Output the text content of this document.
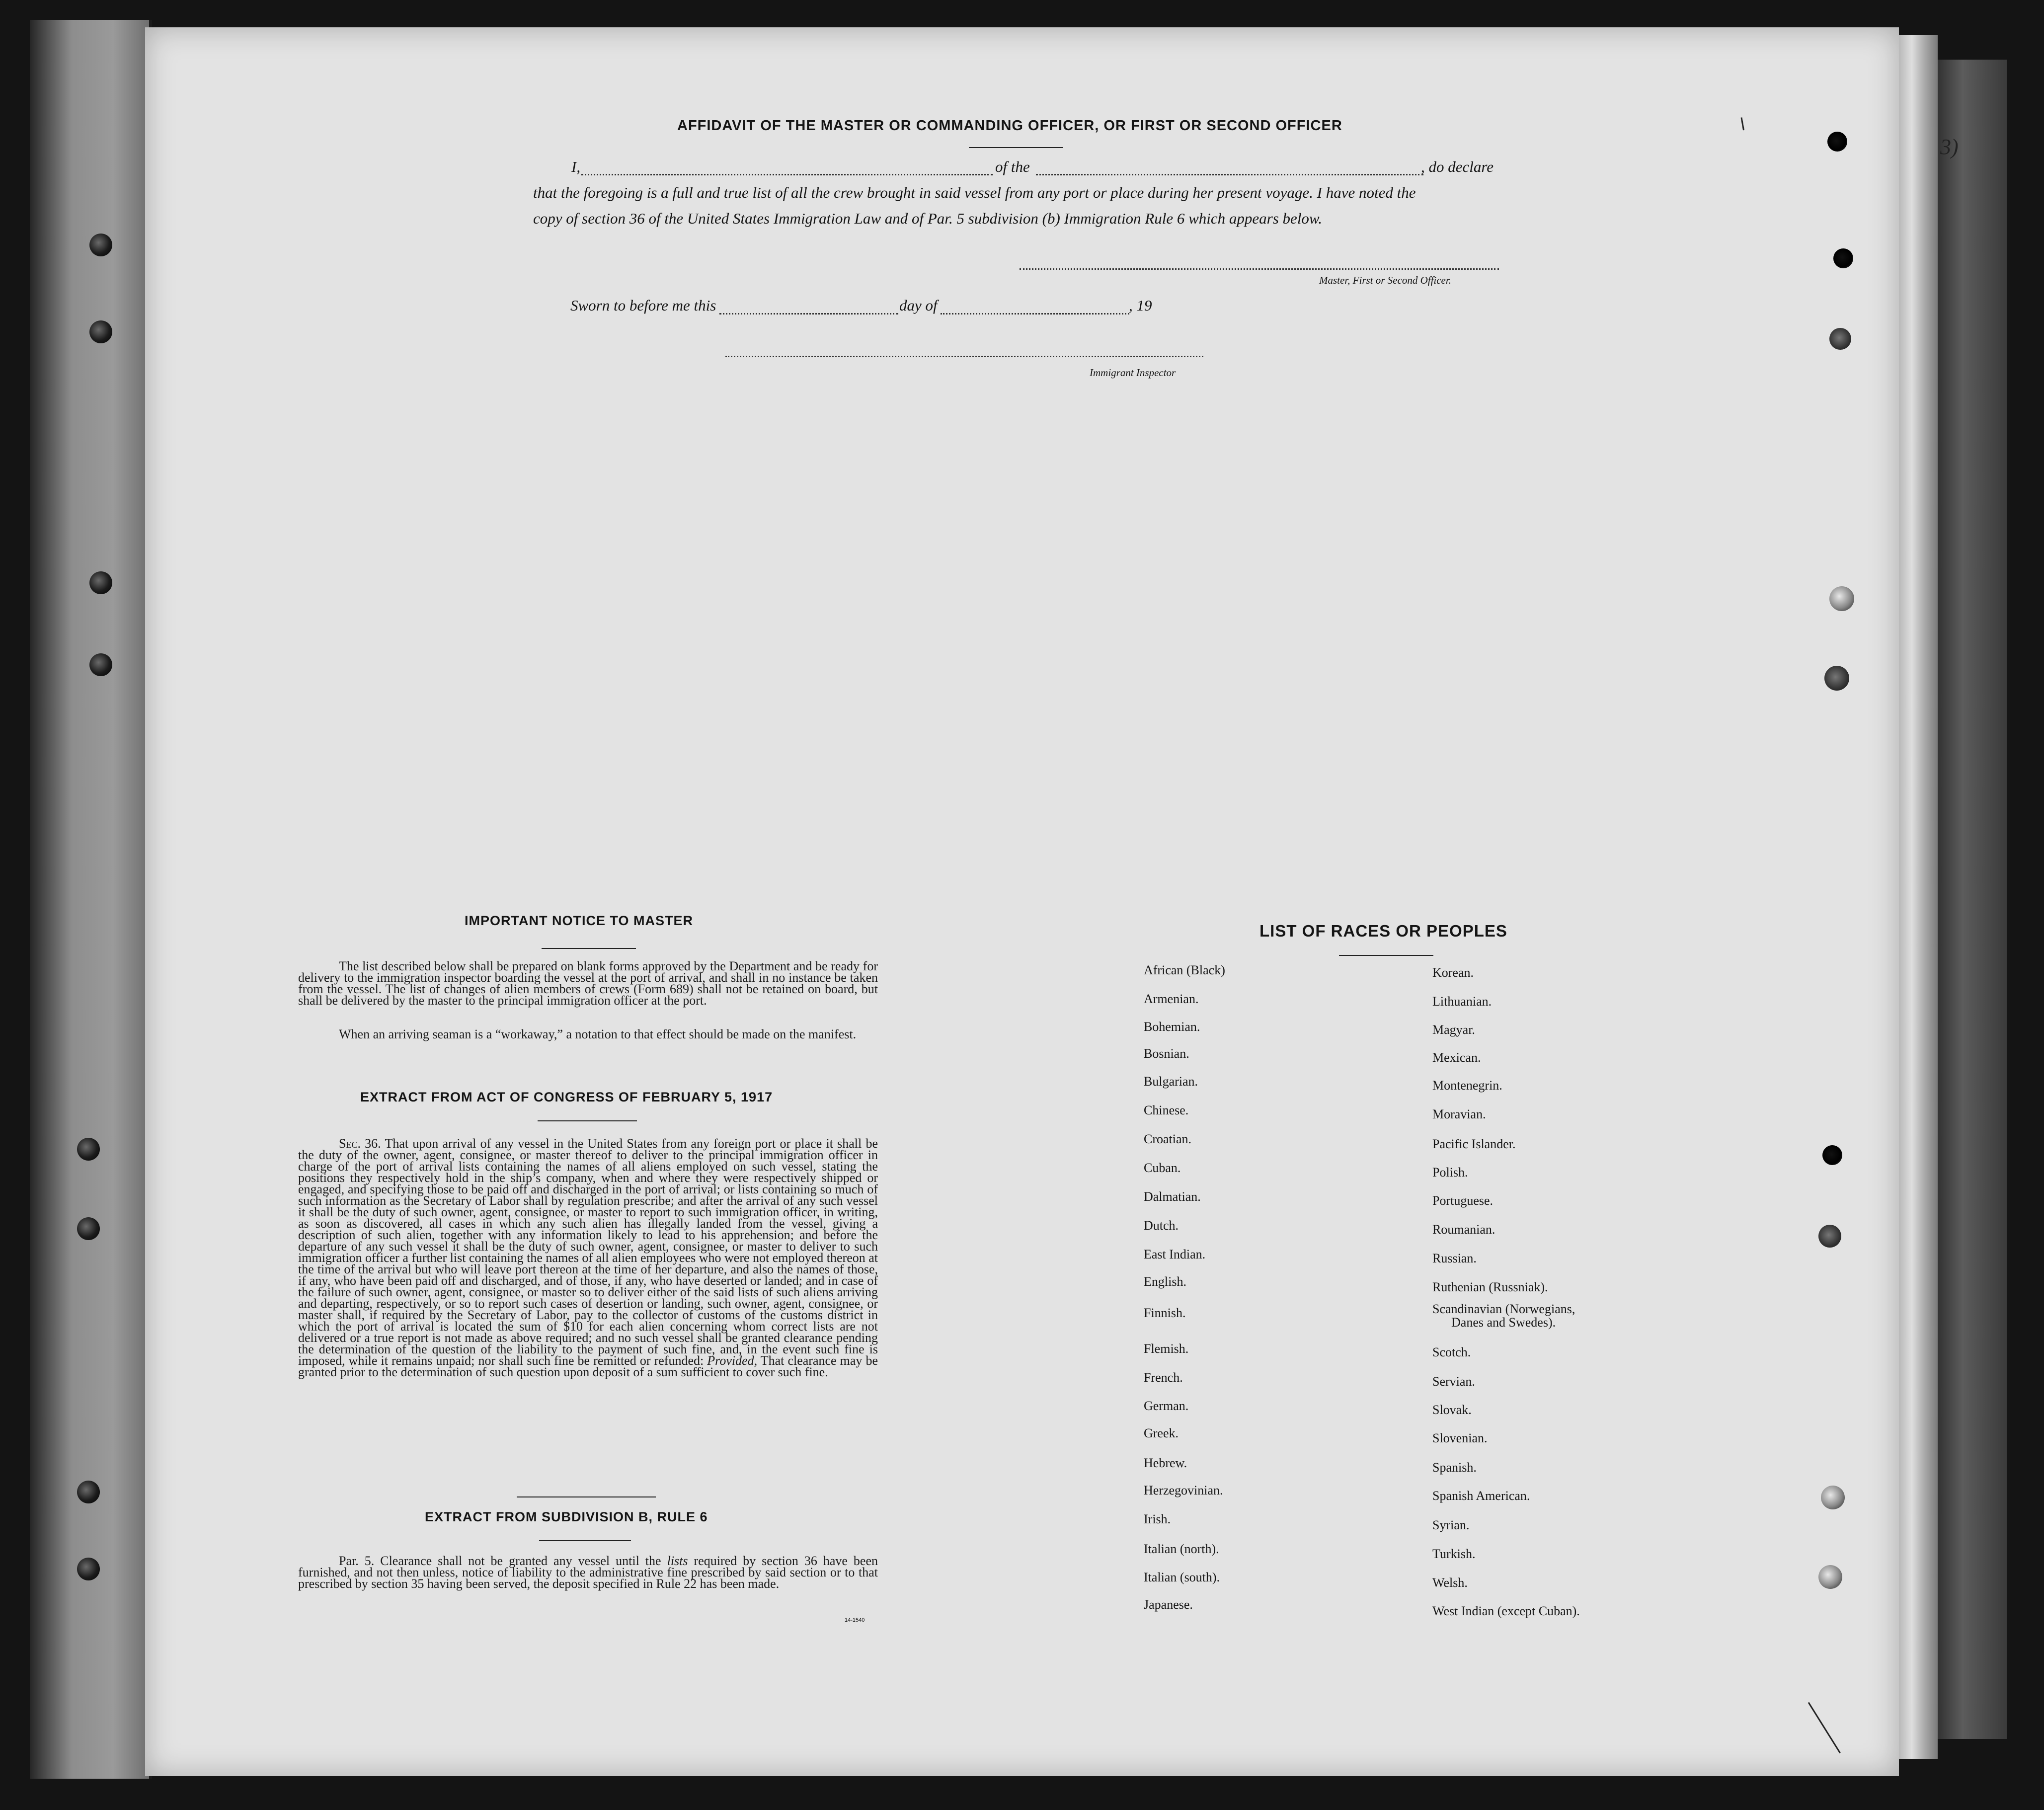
3)
AFFIDAVIT OF THE MASTER OR COMMANDING OFFICER, OR FIRST OR SECOND OFFICER
I,	of the	, do declare
that the foregoing is a full and true list of all the crew brought in said vessel from any port or place during her present voyage. I have noted the
copy of section 36 of the United States Immigration Law and of Par. 5 subdivision (b) Immigration Rule 6 which appears below.
Master, First or Second Officer.
Sworn to before me this	day of	, 19
Immigrant Inspector
IMPORTANT NOTICE TO MASTER
The list described below shall be prepared on blank forms approved by the Department and be ready for delivery to the immigration inspector boarding the vessel at the port of arrival, and shall in no instance be taken from the vessel. The list of changes of alien members of crews (Form 689) shall not be retained on board, but shall be delivered by the master to the principal immigration officer at the port.
When an arriving seaman is a “workaway,” a notation to that effect should be made on the manifest.
EXTRACT FROM ACT OF CONGRESS OF FEBRUARY 5, 1917
Sec. 36. That upon arrival of any vessel in the United States from any foreign port or place it shall be the duty of the owner, agent, consignee, or master thereof to deliver to the principal immigration officer in charge of the port of arrival lists containing the names of all aliens employed on such vessel, stating the positions they respectively hold in the ship’s company, when and where they were respectively shipped or engaged, and specifying those to be paid off and discharged in the port of arrival; or lists containing so much of such information as the Secretary of Labor shall by regulation prescribe; and after the arrival of any such vessel it shall be the duty of such owner, agent, consignee, or master to report to such immigration officer, in writing, as soon as discovered, all cases in which any such alien has illegally landed from the vessel, giving a description of such alien, together with any information likely to lead to his apprehension; and before the departure of any such vessel it shall be the duty of such owner, agent, consignee, or master to deliver to such immigration officer a further list containing the names of all alien employees who were not employed thereon at the time of the arrival but who will leave port thereon at the time of her departure, and also the names of those, if any, who have been paid off and discharged, and of those, if any, who have deserted or landed; and in case of the failure of such owner, agent, consignee, or master so to deliver either of the said lists of such aliens arriving and departing, respectively, or so to report such cases of desertion or landing, such owner, agent, consignee, or master shall, if required by the Secretary of Labor, pay to the collector of customs of the customs district in which the port of arrival is located the sum of $10 for each alien concerning whom correct lists are not delivered or a true report is not made as above required; and no such vessel shall be granted clearance pending the determination of the question of the liability to the payment of such fine, and, in the event such fine is imposed, while it remains unpaid; nor shall such fine be remitted or refunded: Provided, That clearance may be granted prior to the determination of such question upon deposit of a sum sufficient to cover such fine.
EXTRACT FROM SUBDIVISION B, RULE 6
Par. 5. Clearance shall not be granted any vessel until the lists required by section 36 have been furnished, and not then unless, notice of liability to the administrative fine prescribed by said section or to that prescribed by section 35 having been served, the deposit specified in Rule 22 has been made.
14-1540
LIST OF RACES OR PEOPLES
African (Black)
Armenian.
Bohemian.
Bosnian.
Bulgarian.
Chinese.
Croatian.
Cuban.
Dalmatian.
Dutch.
East Indian.
English.
Finnish.
Flemish.
French.
German.
Greek.
Hebrew.
Herzegovinian.
Irish.
Italian (north).
Italian (south).
Japanese.
Korean.
Lithuanian.
Magyar.
Mexican.
Montenegrin.
Moravian.
Pacific Islander.
Polish.
Portuguese.
Roumanian.
Russian.
Ruthenian (Russniak).
Scandinavian (Norwegians,
Danes and Swedes).
Scotch.
Servian.
Slovak.
Slovenian.
Spanish.
Spanish American.
Syrian.
Turkish.
Welsh.
West Indian (except Cuban).
